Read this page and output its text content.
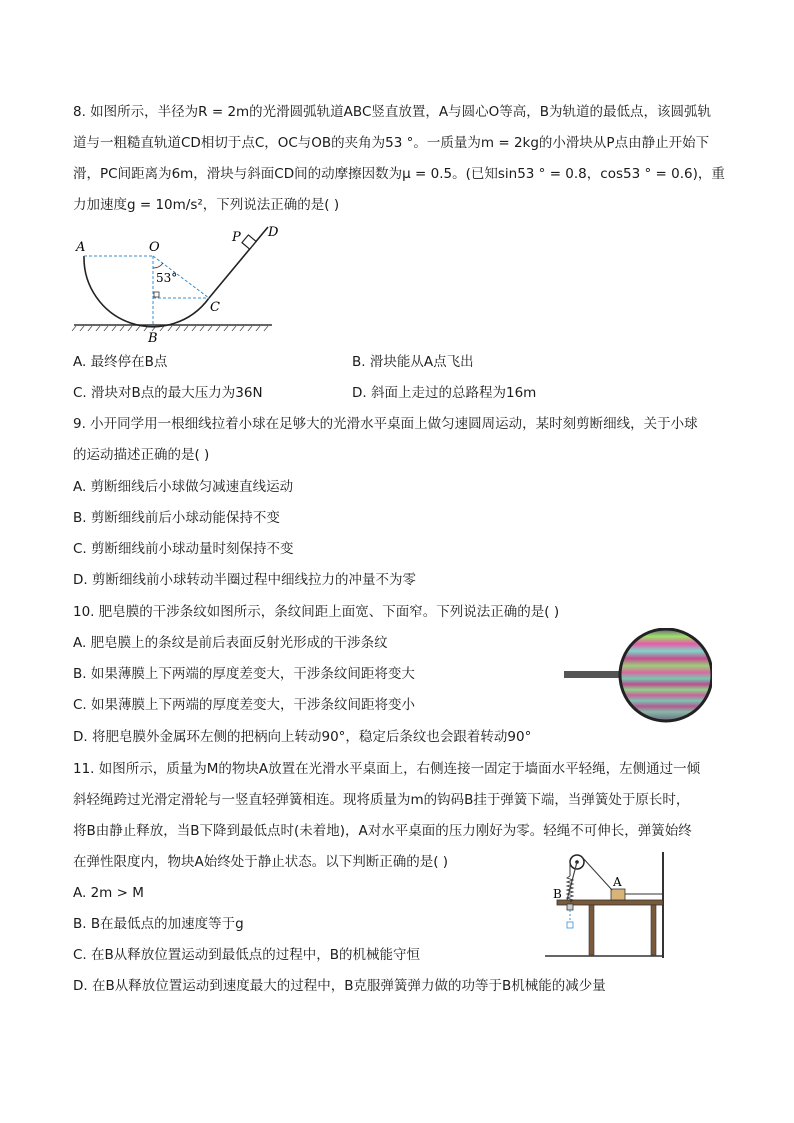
8. 如图所示，半径为R = 2m的光滑圆弧轨道ABC竖直放置，A与圆心O等高，B为轨道的最低点，该圆弧轨
道与一粗糙直轨道CD相切于点C，OC与OB的夹角为53 °。一质量为m = 2kg的小滑块从P点由静止开始下
滑，PC间距离为6m，滑块与斜面CD间的动摩擦因数为μ = 0.5。(已知sin53 ° = 0.8，cos53 ° = 0.6)，重
力加速度g = 10m/s²，下列说法正确的是( )
A	O
53°
P D
C
B
A. 最终停在B点	B. 滑块能从A点飞出
C. 滑块对B点的最大压力为36N	D. 斜面上走过的总路程为16m
9. 小开同学用一根细线拉着小球在足够大的光滑水平桌面上做匀速圆周运动，某时刻剪断细线，关于小球
的运动描述正确的是( )
A. 剪断细线后小球做匀减速直线运动
B. 剪断细线前后小球动能保持不变
C. 剪断细线前小球动量时刻保持不变
D. 剪断细线前小球转动半圈过程中细线拉力的冲量不为零
10. 肥皂膜的干涉条纹如图所示，条纹间距上面宽、下面窄。下列说法正确的是( )
A. 肥皂膜上的条纹是前后表面反射光形成的干涉条纹
B. 如果薄膜上下两端的厚度差变大，干涉条纹间距将变大
C. 如果薄膜上下两端的厚度差变大，干涉条纹间距将变小
D. 将肥皂膜外金属环左侧的把柄向上转动90°，稳定后条纹也会跟着转动90°
11. 如图所示，质量为M的物块A放置在光滑水平桌面上，右侧连接一固定于墙面水平轻绳，左侧通过一倾
斜轻绳跨过光滑定滑轮与一竖直轻弹簧相连。现将质量为m的钩码B挂于弹簧下端，当弹簧处于原长时，
将B由静止释放，当B下降到最低点时(未着地)，A对水平桌面的压力刚好为零。轻绳不可伸长，弹簧始终
在弹性限度内，物块A始终处于静止状态。以下判断正确的是( )
B
A
A. 2m > M
B. B在最低点的加速度等于g
C. 在B从释放位置运动到最低点的过程中，B的机械能守恒
D. 在B从释放位置运动到速度最大的过程中，B克服弹簧弹力做的功等于B机械能的减少量
